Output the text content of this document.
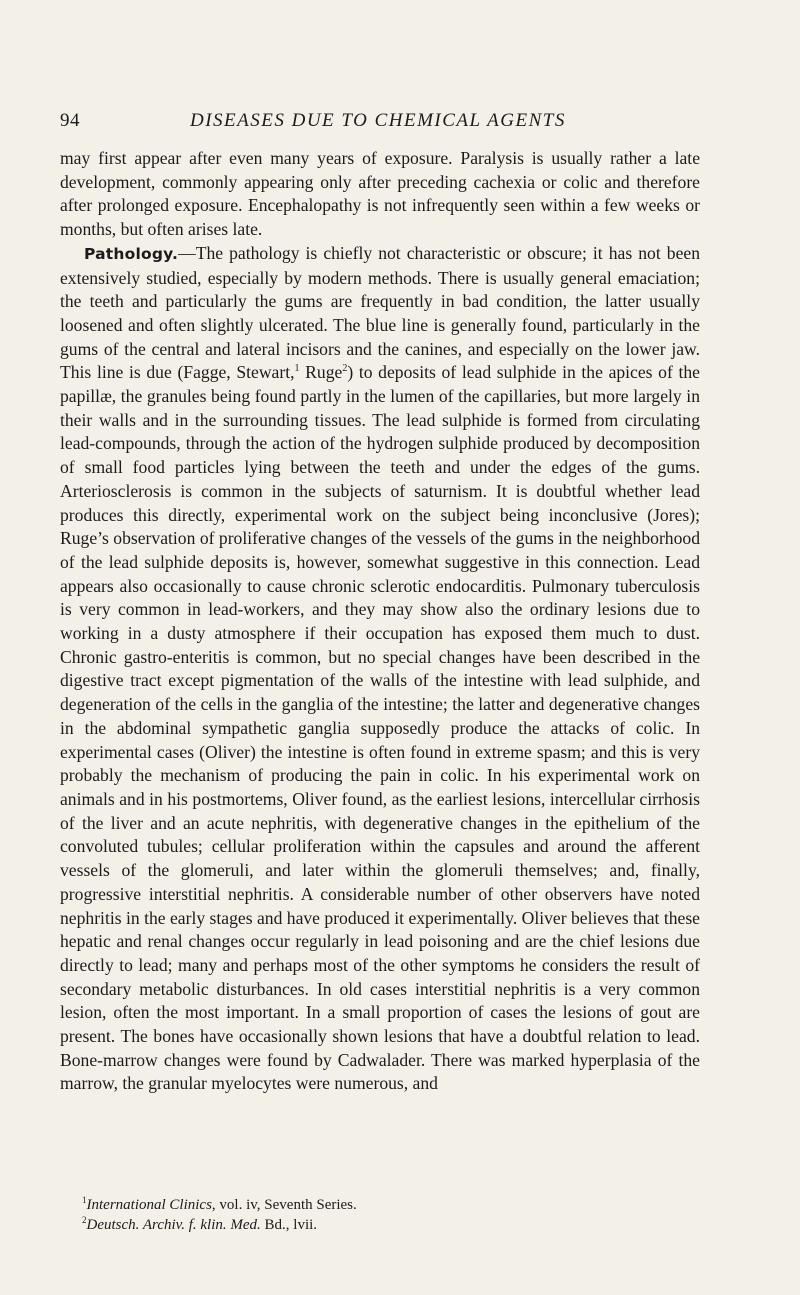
94	DISEASES DUE TO CHEMICAL AGENTS

may first appear after even many years of exposure. Paralysis is usually rather a late development, commonly appearing only after preceding cachexia or colic and therefore after prolonged exposure. Encephalopathy is not infrequently seen within a few weeks or months, but often arises late.

Pathology.—The pathology is chiefly not characteristic or obscure; it has not been extensively studied, especially by modern methods. There is usually general emaciation; the teeth and particularly the gums are frequently in bad condition, the latter usually loosened and often slightly ulcerated. The blue line is generally found, particularly in the gums of the central and lateral incisors and the canines, and especially on the lower jaw. This line is due (Fagge, Stewart,$^1$ Ruge$^2$) to deposits of lead sulphide in the apices of the papillæ, the granules being found partly in the lumen of the capillaries, but more largely in their walls and in the surrounding tissues. The lead sulphide is formed from circulating lead-compounds, through the action of the hydrogen sulphide produced by decomposition of small food particles lying between the teeth and under the edges of the gums. Arteriosclerosis is common in the subjects of saturnism. It is doubtful whether lead produces this directly, experimental work on the subject being inconclusive (Jores); Ruge’s observation of proliferative changes of the vessels of the gums in the neighborhood of the lead sulphide deposits is, however, somewhat suggestive in this connection. Lead appears also occasionally to cause chronic sclerotic endocarditis. Pulmonary tuberculosis is very common in lead-workers, and they may show also the ordinary lesions due to working in a dusty atmosphere if their occupation has exposed them much to dust. Chronic gastro-enteritis is common, but no special changes have been described in the digestive tract except pigmentation of the walls of the intestine with lead sulphide, and degeneration of the cells in the ganglia of the intestine; the latter and degenerative changes in the abdominal sympathetic ganglia supposedly produce the attacks of colic. In experimental cases (Oliver) the intestine is often found in extreme spasm; and this is very probably the mechanism of producing the pain in colic. In his experimental work on animals and in his postmortems, Oliver found, as the earliest lesions, intercellular cirrhosis of the liver and an acute nephritis, with degenerative changes in the epithelium of the convoluted tubules; cellular proliferation within the capsules and around the afferent vessels of the glomeruli, and later within the glomeruli themselves; and, finally, progressive interstitial nephritis. A considerable number of other observers have noted nephritis in the early stages and have produced it experimentally. Oliver believes that these hepatic and renal changes occur regularly in lead poisoning and are the chief lesions due directly to lead; many and perhaps most of the other symptoms he considers the result of secondary metabolic disturbances. In old cases interstitial nephritis is a very common lesion, often the most important. In a small proportion of cases the lesions of gout are present. The bones have occasionally shown lesions that have a doubtful relation to lead. Bone-marrow changes were found by Cadwalader. There was marked hyperplasia of the marrow, the granular myelocytes were numerous, and

$^1$International Clinics, vol. iv, Seventh Series.

$^2$Deutsch. Archiv. f. klin. Med. Bd., lvii.
